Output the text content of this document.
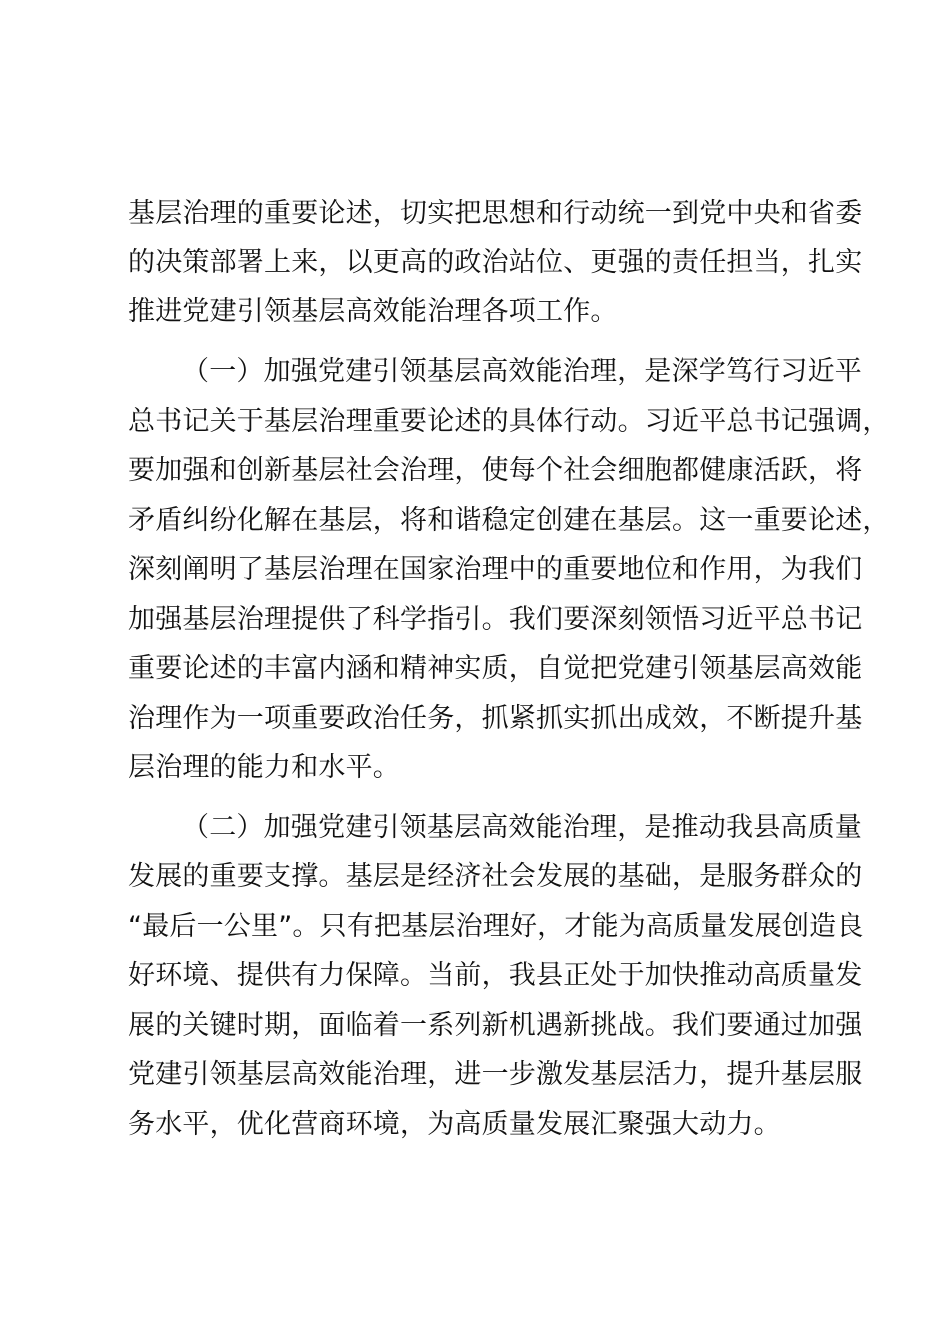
基层治理的重要论述，切实把思想和行动统一到党中央和省委
的决策部署上来，以更高的政治站位、更强的责任担当，扎实
推进党建引领基层高效能治理各项工作。
（一）加强党建引领基层高效能治理，是深学笃行习近平
总书记关于基层治理重要论述的具体行动。习近平总书记强调，
要加强和创新基层社会治理，使每个社会细胞都健康活跃，将
矛盾纠纷化解在基层，将和谐稳定创建在基层。这一重要论述，
深刻阐明了基层治理在国家治理中的重要地位和作用，为我们
加强基层治理提供了科学指引。我们要深刻领悟习近平总书记
重要论述的丰富内涵和精神实质，自觉把党建引领基层高效能
治理作为一项重要政治任务，抓紧抓实抓出成效，不断提升基
层治理的能力和水平。
（二）加强党建引领基层高效能治理，是推动我县高质量
发展的重要支撑。基层是经济社会发展的基础，是服务群众的
“最后一公里”。只有把基层治理好，才能为高质量发展创造良
好环境、提供有力保障。当前，我县正处于加快推动高质量发
展的关键时期，面临着一系列新机遇新挑战。我们要通过加强
党建引领基层高效能治理，进一步激发基层活力，提升基层服
务水平，优化营商环境，为高质量发展汇聚强大动力。
